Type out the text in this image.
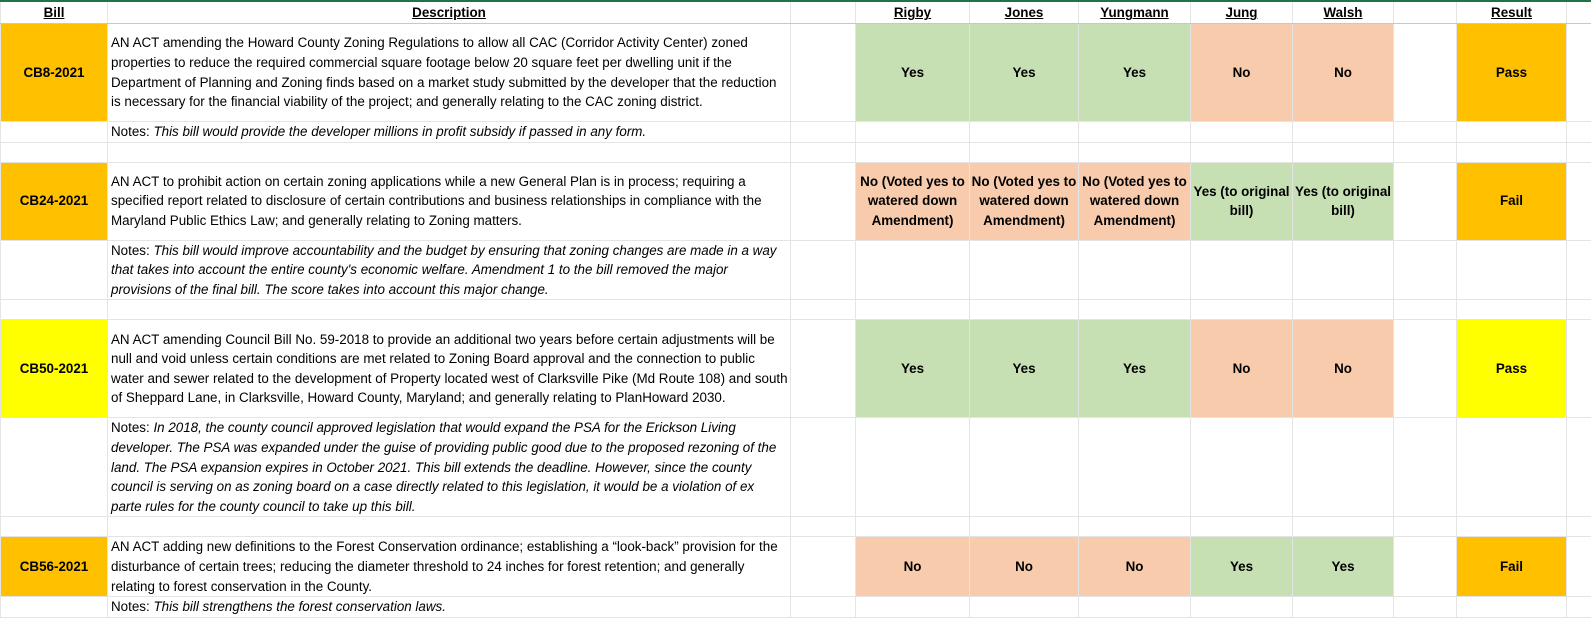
Bill	Description		Rigby	Jones	Yungmann	Jung	Walsh		Result	
CB8-2021	AN ACT amending the Howard County Zoning Regulations to allow all CAC (Corridor Activity Center) zoned properties to reduce the required commercial square footage below 20 square feet per dwelling unit if the Department of Planning and Zoning finds based on a market study submitted by the developer that the reduction is necessary for the financial viability of the project; and generally relating to the CAC zoning district.		Yes	Yes	Yes	No	No		Pass	
	Notes: This bill would provide the developer millions in profit subsidy if passed in any form.									

CB24-2021	AN ACT to prohibit action on certain zoning applications while a new General Plan is in process; requiring a specified report related to disclosure of certain contributions and business relationships in compliance with the Maryland Public Ethics Law; and generally relating to Zoning matters.		No (Voted yes to watered down Amendment)	No (Voted yes to watered down Amendment)	No (Voted yes to watered down Amendment)	Yes (to original bill)	Yes (to original bill)		Fail	
	Notes: This bill would improve accountability and the budget by ensuring that zoning changes are made in a way that takes into account the entire county's economic welfare. Amendment 1 to the bill removed the major provisions of the final bill. The score takes into account this major change.									

CB50-2021	AN ACT amending Council Bill No. 59-2018 to provide an additional two years before certain adjustments will be null and void unless certain conditions are met related to Zoning Board approval and the connection to public water and sewer related to the development of Property located west of Clarksville Pike (Md Route 108) and south of Sheppard Lane, in Clarksville, Howard County, Maryland; and generally relating to PlanHoward 2030.		Yes	Yes	Yes	No	No		Pass	
	Notes: In 2018, the county council approved legislation that would expand the PSA for the Erickson Living developer. The PSA was expanded under the guise of providing public good due to the proposed rezoning of the land. The PSA expansion expires in October 2021. This bill extends the deadline. However, since the county council is serving on as zoning board on a case directly related to this legislation, it would be a violation of ex parte rules for the county council to take up this bill.									

CB56-2021	AN ACT adding new definitions to the Forest Conservation ordinance; establishing a “look-back” provision for the disturbance of certain trees; reducing the diameter threshold to 24 inches for forest retention; and generally relating to forest conservation in the County.		No	No	No	Yes	Yes		Fail	
	Notes: This bill strengthens the forest conservation laws.									
